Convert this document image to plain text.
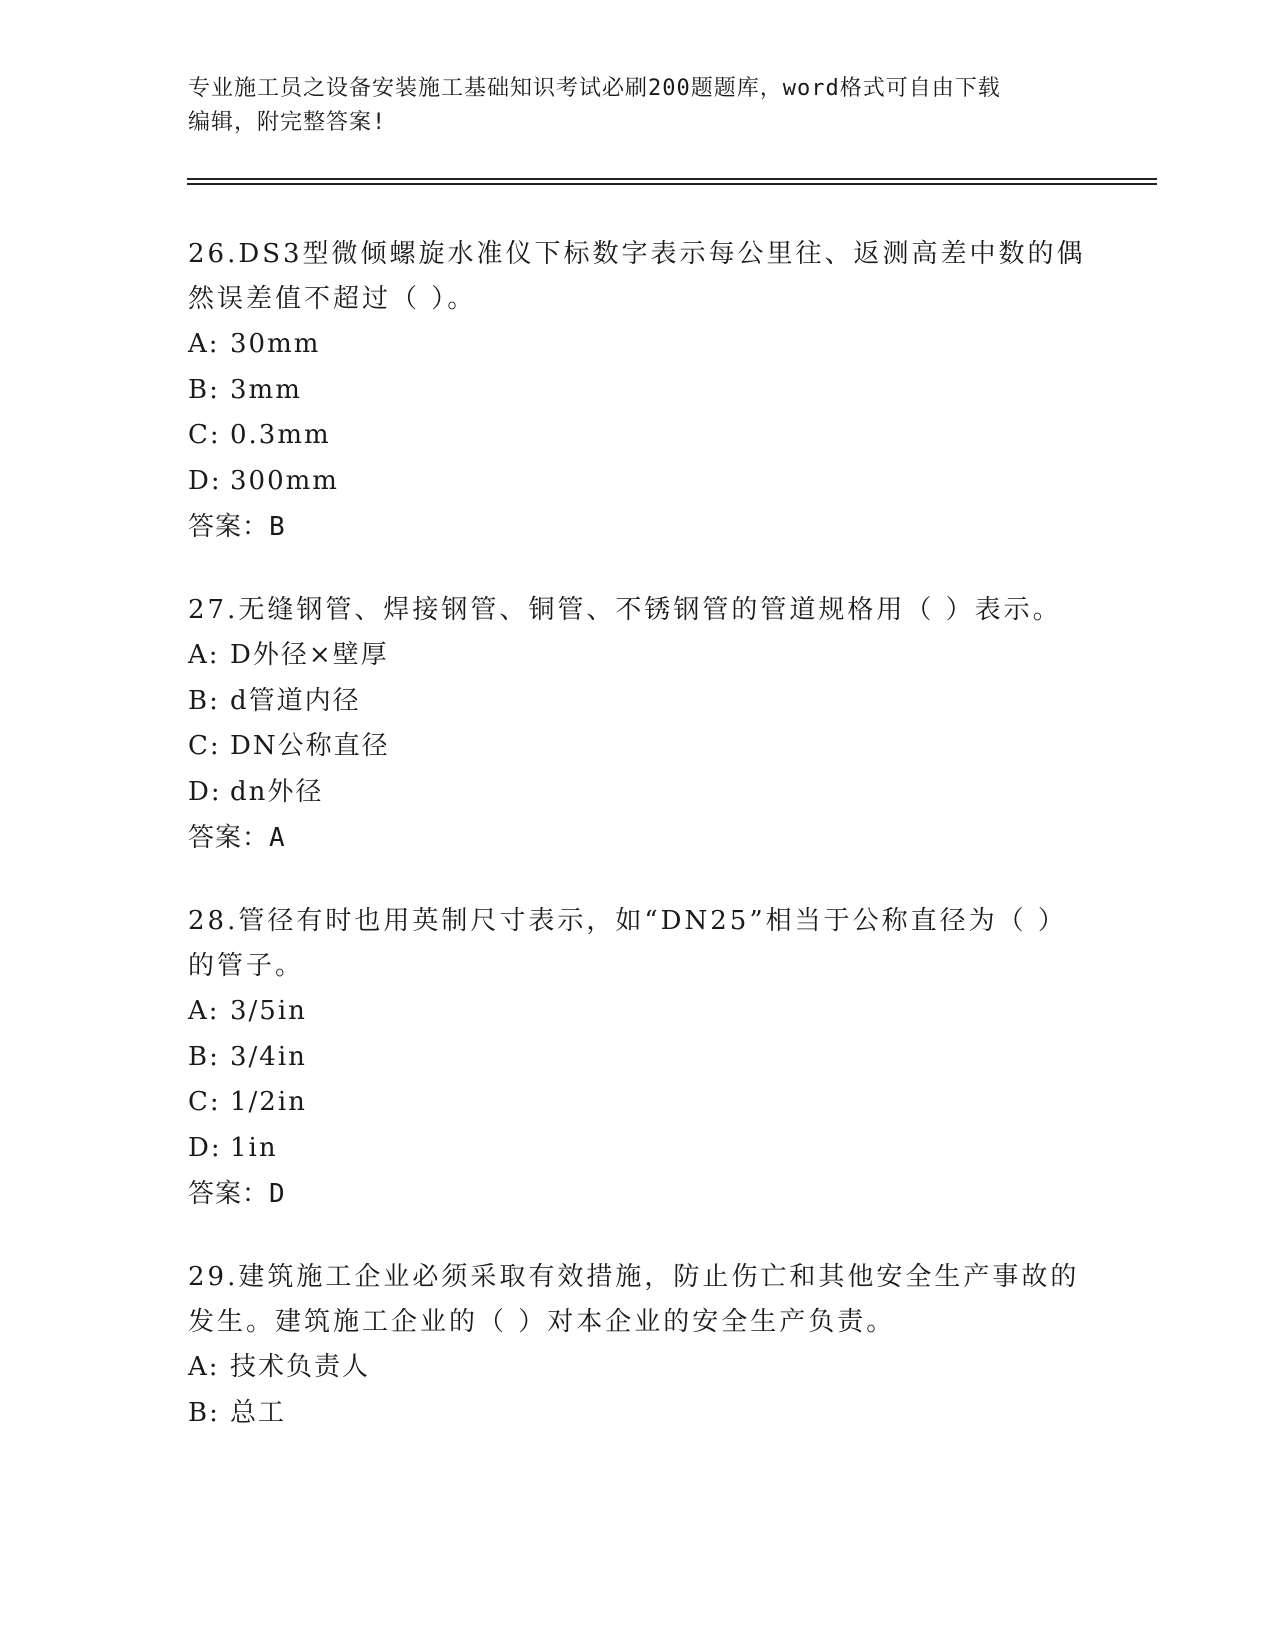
专业施工员之设备安装施工基础知识考试必刷200题题库，word格式可自由下载
编辑，附完整答案!

26.DS3型微倾螺旋水准仪下标数字表示每公里往、返测高差中数的偶
然误差值不超过（ ）。

A: 30mm

B: 3mm

C: 0.3mm

D: 300mm

答案：B

27.无缝钢管、焊接钢管、铜管、不锈钢管的管道规格用（ ）表示。

A: D外径×壁厚

B: d管道内径

C: DN公称直径

D: dn外径

答案：A

28.管径有时也用英制尺寸表示，如“DN25”相当于公称直径为（ ）
的管子。

A: 3/5in

B: 3/4in

C: 1/2in

D: 1in

答案：D

29.建筑施工企业必须采取有效措施，防止伤亡和其他安全生产事故的
发生。建筑施工企业的（ ）对本企业的安全生产负责。

A: 技术负责人

B: 总工
